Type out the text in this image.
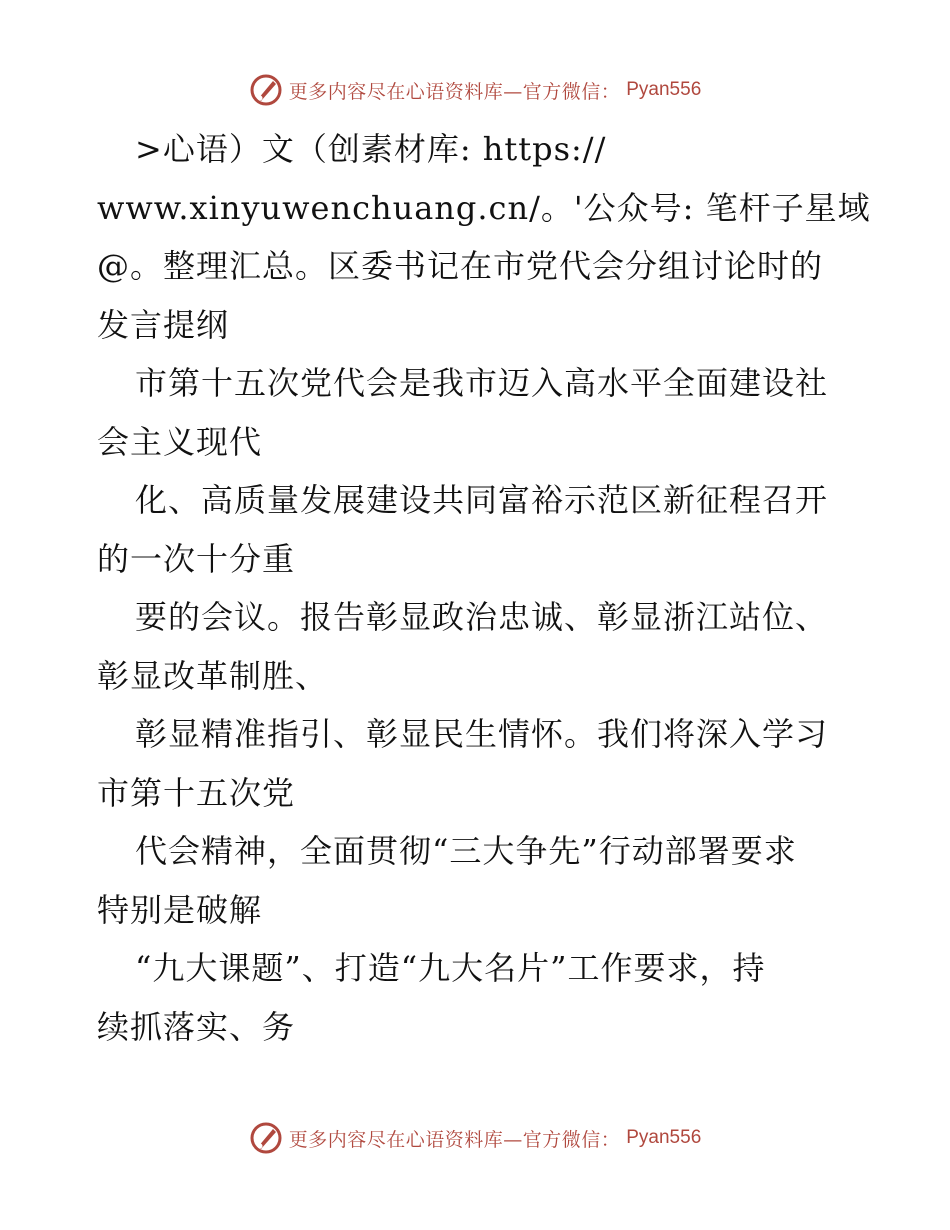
更多内容尽在心语资料库—官方微信： Pyan556
>心语）文（创素材库: https://
www.xinyuwenchuang.cn/。'公众号: 笔杆子星域
@。整理汇总。区委书记在市党代会分组讨论时的
发言提纲
市第十五次党代会是我市迈入高水平全面建设社
会主义现代
化、高质量发展建设共同富裕示范区新征程召开
的一次十分重
要的会议。报告彰显政治忠诚、彰显浙江站位、
彰显改革制胜、
彰显精准指引、彰显民生情怀。我们将深入学习
市第十五次党
代会精神，全面贯彻“三大争先”行动部署要求
特别是破解
“九大课题”、打造“九大名片”工作要求，持
续抓落实、务
更多内容尽在心语资料库—官方微信： Pyan556
